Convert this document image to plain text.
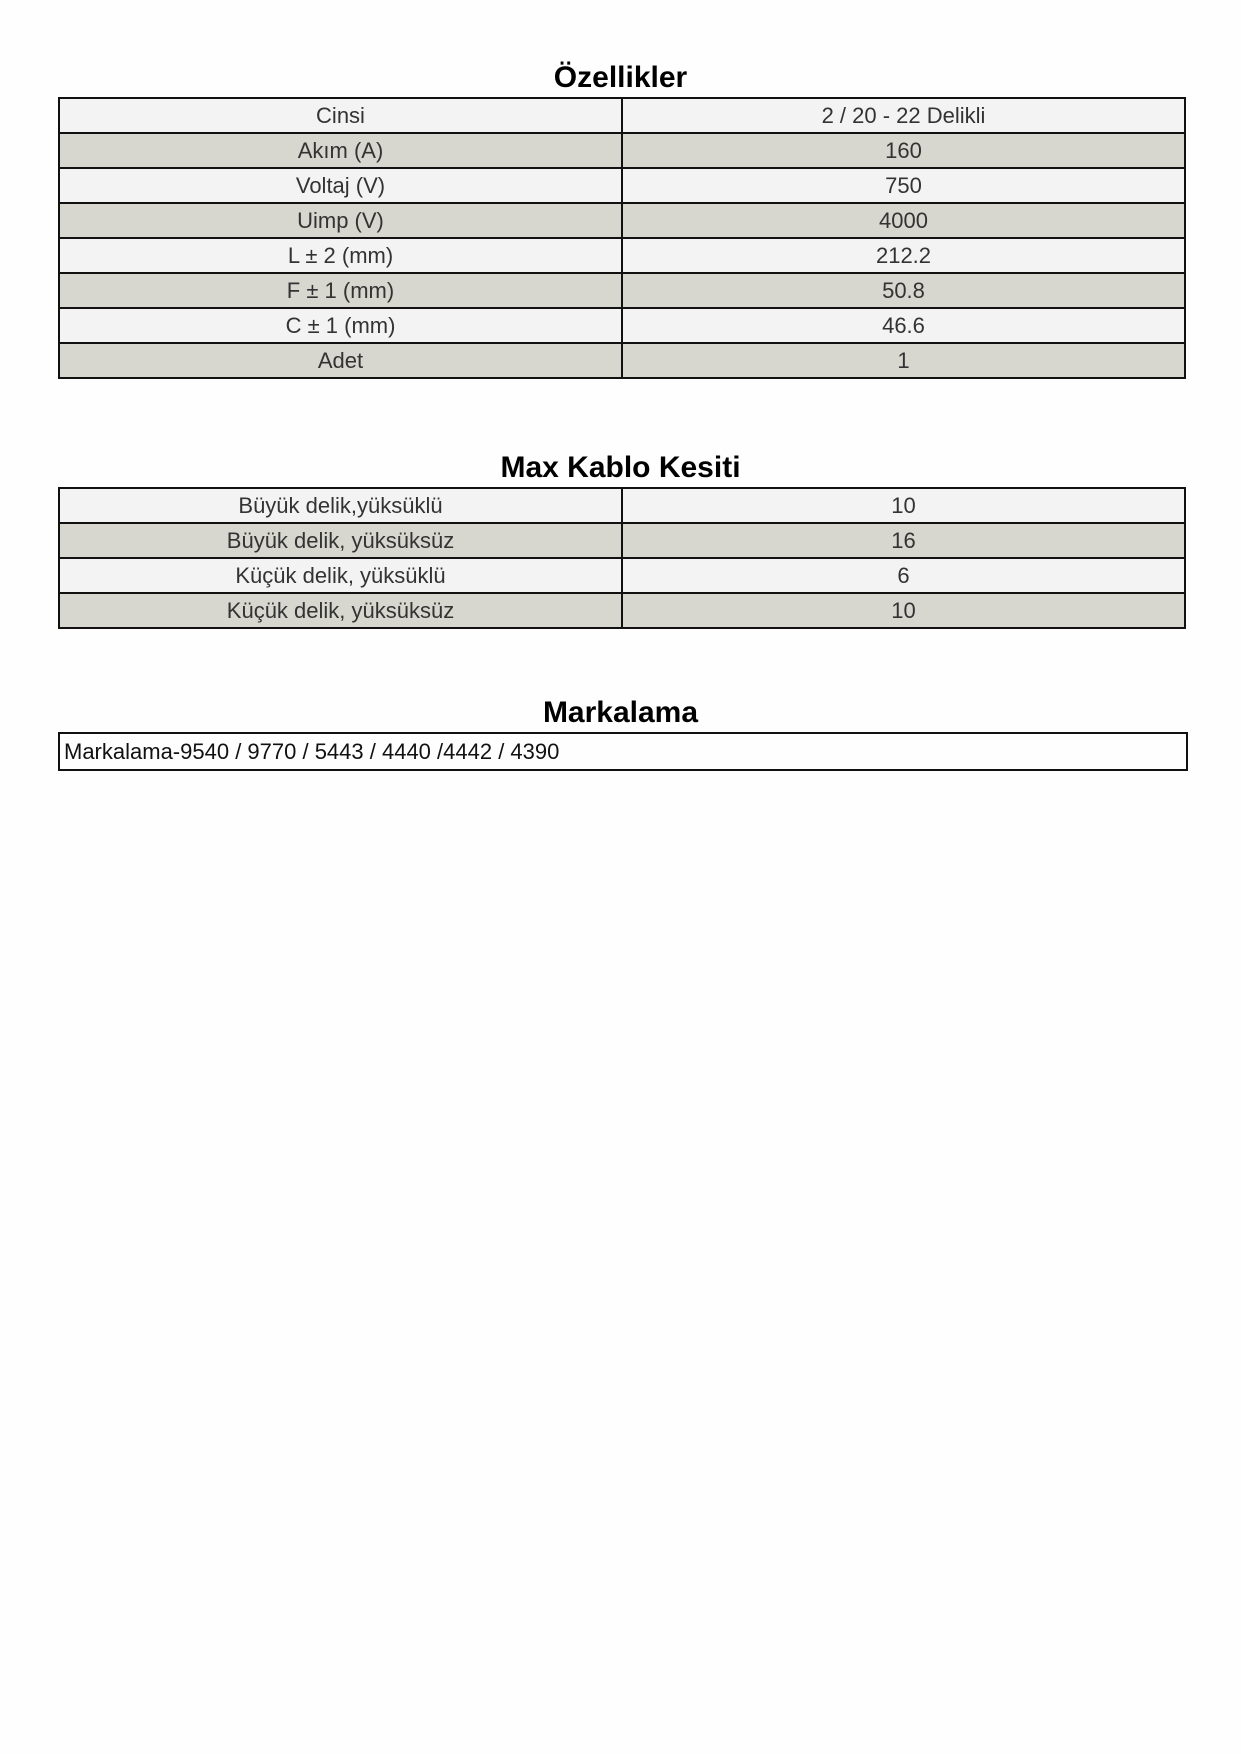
Özellikler
Cinsi	2 / 20 - 22 Delikli
Akım (A)	160
Voltaj (V)	750
Uimp (V)	4000
L ± 2 (mm)	212.2
F ± 1 (mm)	50.8
C ± 1 (mm)	46.6
Adet	1
Max Kablo Kesiti
Büyük delik,yüksüklü	10
Büyük delik, yüksüksüz	16
Küçük delik, yüksüklü	6
Küçük delik, yüksüksüz	10
Markalama
Markalama-9540 / 9770 / 5443 / 4440 /4442 / 4390
